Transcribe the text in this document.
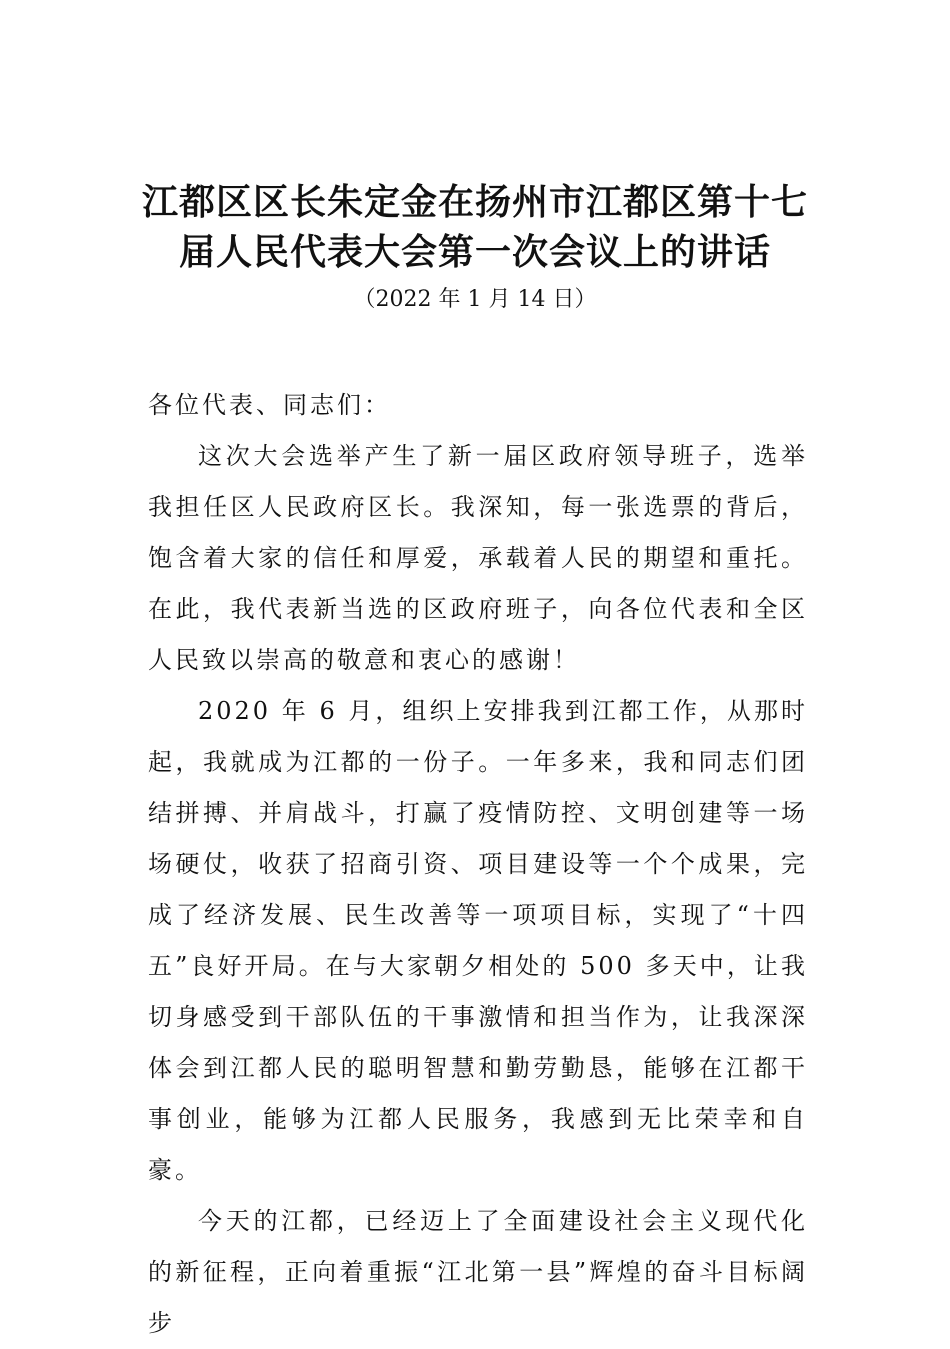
江都区区长朱定金在扬州市江都区第十七
届人民代表大会第一次会议上的讲话
（2022 年 1 月 14 日）

各位代表、同志们：

这次大会选举产生了新一届区政府领导班子，选举我担任区人民政府区长。我深知，每一张选票的背后，饱含着大家的信任和厚爱，承载着人民的期望和重托。在此，我代表新当选的区政府班子，向各位代表和全区人民致以崇高的敬意和衷心的感谢！

2020 年 6 月，组织上安排我到江都工作，从那时起，我就成为江都的一份子。一年多来，我和同志们团结拼搏、并肩战斗，打赢了疫情防控、文明创建等一场场硬仗，收获了招商引资、项目建设等一个个成果，完成了经济发展、民生改善等一项项目标，实现了“十四五”良好开局。在与大家朝夕相处的 500 多天中，让我切身感受到干部队伍的干事激情和担当作为，让我深深体会到江都人民的聪明智慧和勤劳勤恳，能够在江都干事创业，能够为江都人民服务，我感到无比荣幸和自豪。

今天的江都，已经迈上了全面建设社会主义现代化的新征程，正向着重振“江北第一县”辉煌的奋斗目标阔步
